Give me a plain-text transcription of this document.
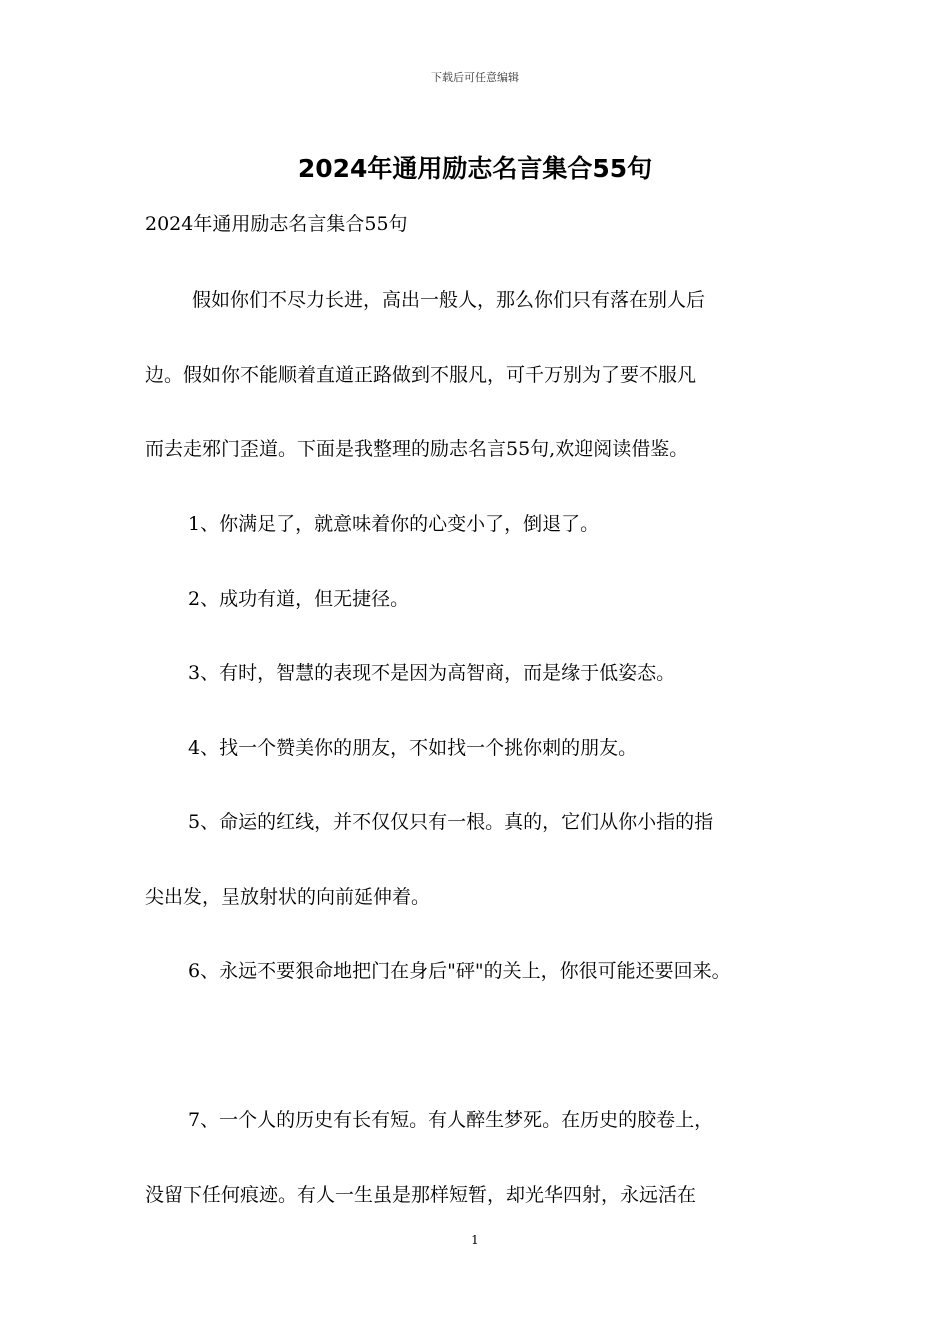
下载后可任意编辑
2024年通用励志名言集合55句
2024年通用励志名言集合55句
假如你们不尽力长进，高出一般人，那么你们只有落在别人后
边。假如你不能顺着直道正路做到不服凡，可千万别为了要不服凡
而去走邪门歪道。下面是我整理的励志名言55句,欢迎阅读借鉴。
1、你满足了，就意味着你的心变小了，倒退了。
2、成功有道，但无捷径。
3、有时，智慧的表现不是因为高智商，而是缘于低姿态。
4、找一个赞美你的朋友，不如找一个挑你刺的朋友。
5、命运的红线，并不仅仅只有一根。真的，它们从你小指的指
尖出发，呈放射状的向前延伸着。
6、永远不要狠命地把门在身后"砰"的关上，你很可能还要回来。
7、一个人的历史有长有短。有人醉生梦死。在历史的胶卷上，
没留下任何痕迹。有人一生虽是那样短暂，却光华四射，永远活在
1
